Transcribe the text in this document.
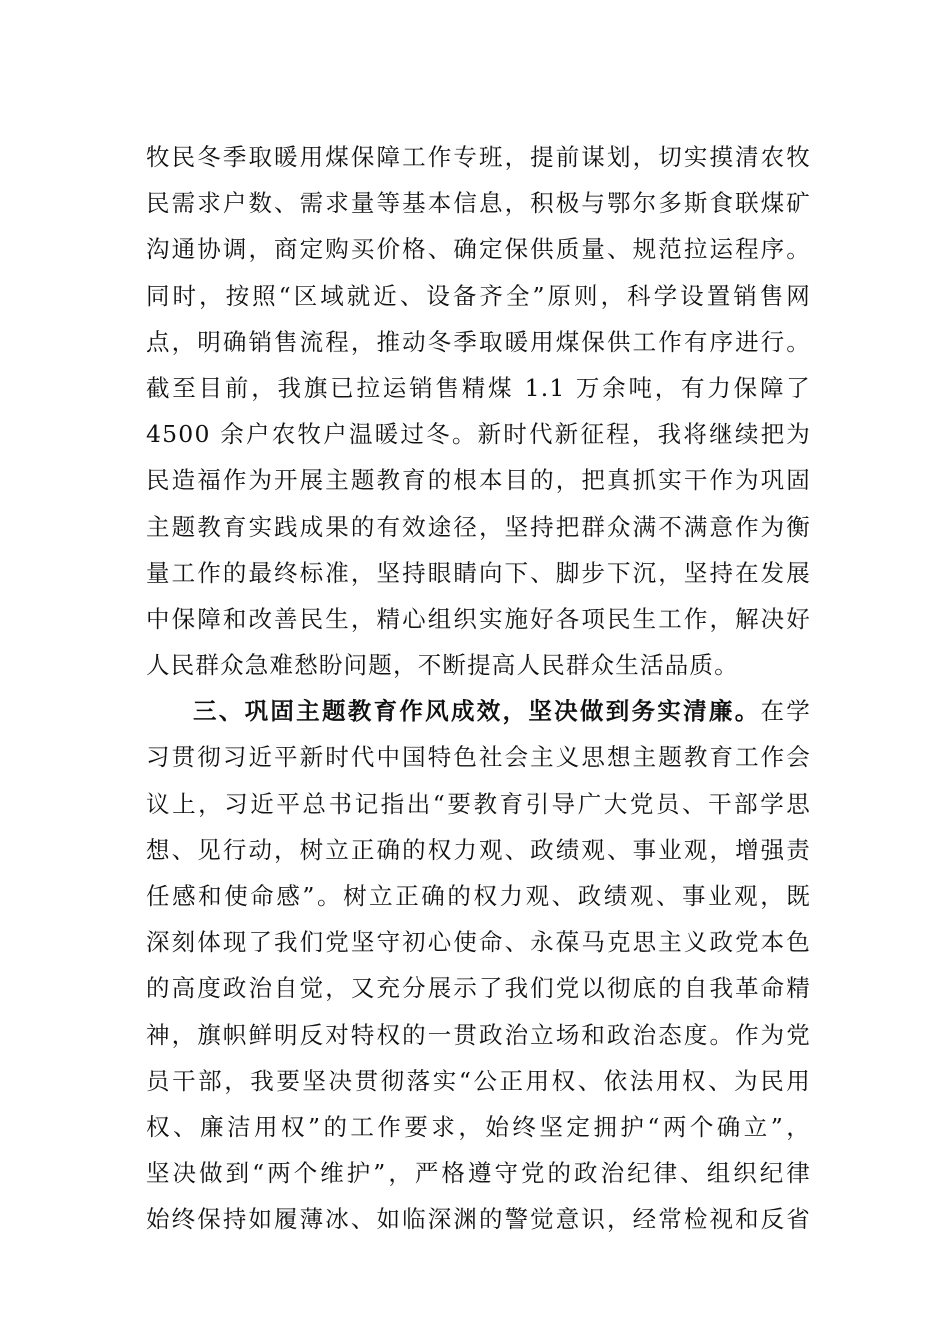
牧民冬季取暖用煤保障工作专班，提前谋划，切实摸清农牧
民需求户数、需求量等基本信息，积极与鄂尔多斯食联煤矿
沟通协调，商定购买价格、确定保供质量、规范拉运程序。
同时，按照“区域就近、设备齐全”原则，科学设置销售网
点，明确销售流程，推动冬季取暖用煤保供工作有序进行。
截至目前，我旗已拉运销售精煤 1.1 万余吨，有力保障了
4500 余户农牧户温暖过冬。新时代新征程，我将继续把为
民造福作为开展主题教育的根本目的，把真抓实干作为巩固
主题教育实践成果的有效途径，坚持把群众满不满意作为衡
量工作的最终标准，坚持眼睛向下、脚步下沉，坚持在发展
中保障和改善民生，精心组织实施好各项民生工作，解决好
人民群众急难愁盼问题，不断提高人民群众生活品质。
三、巩固主题教育作风成效，坚决做到务实清廉。在学
习贯彻习近平新时代中国特色社会主义思想主题教育工作会
议上，习近平总书记指出“要教育引导广大党员、干部学思
想、见行动，树立正确的权力观、政绩观、事业观，增强责
任感和使命感”。树立正确的权力观、政绩观、事业观，既
深刻体现了我们党坚守初心使命、永葆马克思主义政党本色
的高度政治自觉，又充分展示了我们党以彻底的自我革命精
神，旗帜鲜明反对特权的一贯政治立场和政治态度。作为党
员干部，我要坚决贯彻落实“公正用权、依法用权、为民用
权、廉洁用权”的工作要求，始终坚定拥护“两个确立”，
坚决做到“两个维护”，严格遵守党的政治纪律、组织纪律
始终保持如履薄冰、如临深渊的警觉意识，经常检视和反省
